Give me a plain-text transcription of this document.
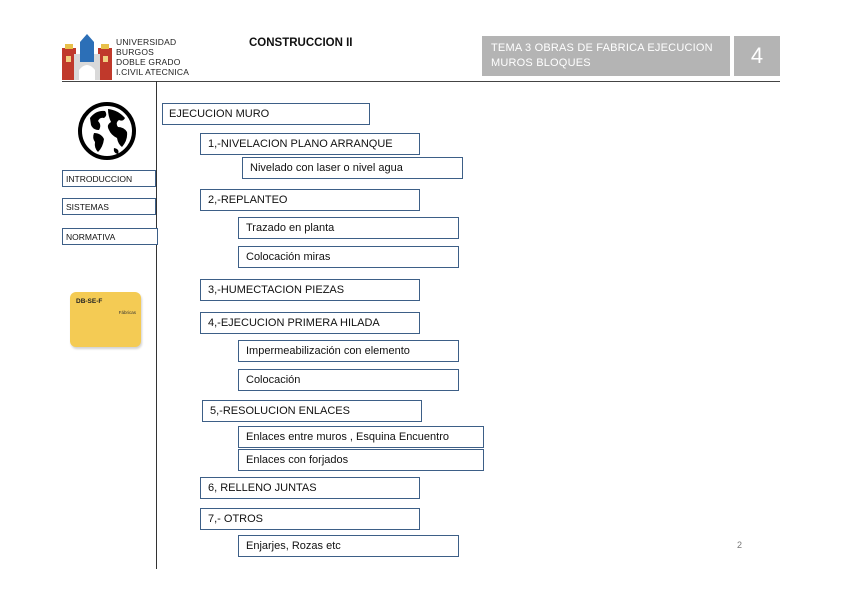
UNIVERSIDAD
BURGOS
DOBLE GRADO
I.CIVIL ATECNICA
CONSTRUCCION II	TEMA 3 OBRAS DE FABRICA EJECUCION MUROS BLOQUES	4
INTRODUCCION
SISTEMAS
NORMATIVA
DB-SE-F
Fábricas
EJECUCION MURO
1,-NIVELACION PLANO ARRANQUE
Nivelado con laser o nivel agua
2,-REPLANTEO
Trazado en planta
Colocación miras
3,-HUMECTACION PIEZAS
4,-EJECUCION PRIMERA HILADA
Impermeabilización con elemento
Colocación
5,-RESOLUCION ENLACES
Enlaces entre muros , Esquina Encuentro
Enlaces con forjados
6, RELLENO JUNTAS
7,- OTROS
Enjarjes, Rozas etc	2
